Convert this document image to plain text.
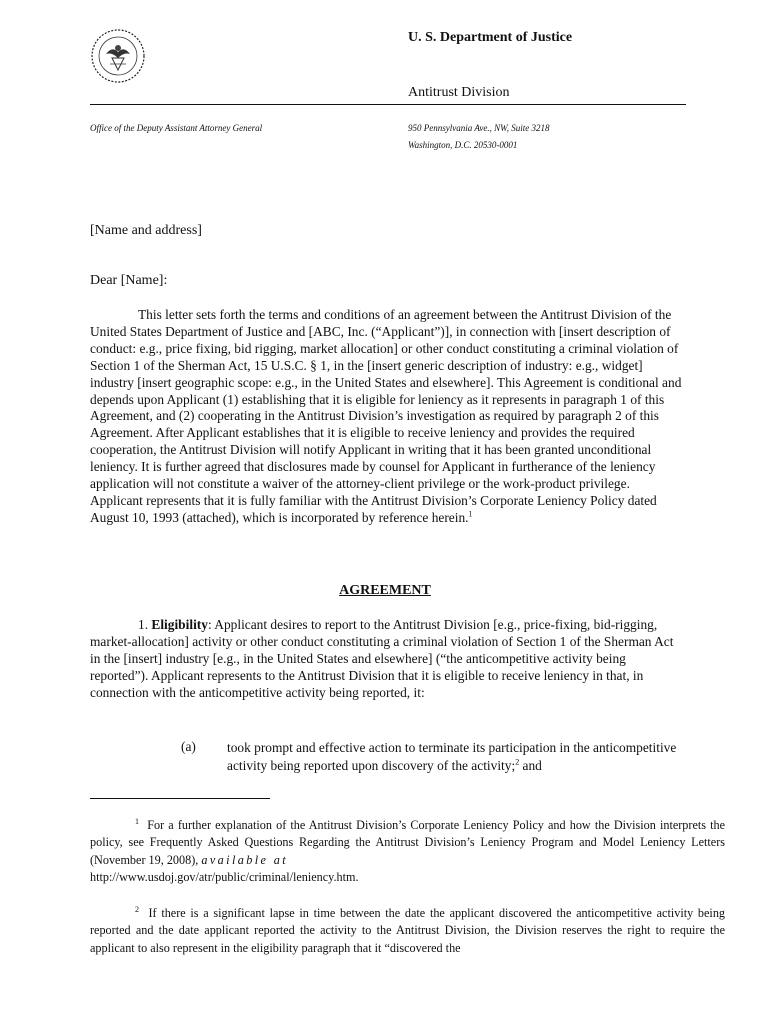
U. S. Department of Justice
Antitrust Division
Office of the Deputy Assistant Attorney General	950 Pennsylvania Ave., NW, Suite 3218
Washington, D.C. 20530-0001
[Name and address]
Dear [Name]:

This letter sets forth the terms and conditions of an agreement between the Antitrust Division of the United States Department of Justice and [ABC, Inc. (“Applicant”)], in connection with [insert description of conduct: e.g., price fixing, bid rigging, market allocation] or other conduct constituting a criminal violation of Section 1 of the Sherman Act, 15 U.S.C. § 1, in the [insert generic description of industry: e.g., widget] industry [insert geographic scope: e.g., in the United States and elsewhere]. This Agreement is conditional and depends upon Applicant (1) establishing that it is eligible for leniency as it represents in paragraph 1 of this Agreement, and (2) cooperating in the Antitrust Division’s investigation as required by paragraph 2 of this Agreement. After Applicant establishes that it is eligible to receive leniency and provides the required cooperation, the Antitrust Division will notify Applicant in writing that it has been granted unconditional leniency. It is further agreed that disclosures made by counsel for Applicant in furtherance of the leniency application will not constitute a waiver of the attorney-client privilege or the work-product privilege. Applicant represents that it is fully familiar with the Antitrust Division’s Corporate Leniency Policy dated August 10, 1993 (attached), which is incorporated by reference herein.$^1$

AGREEMENT

1. Eligibility: Applicant desires to report to the Antitrust Division [e.g., price-fixing, bid-rigging, market-allocation] activity or other conduct constituting a criminal violation of Section 1 of the Sherman Act in the [insert] industry [e.g., in the United States and elsewhere] (“the anticompetitive activity being reported”). Applicant represents to the Antitrust Division that it is eligible to receive leniency in that, in connection with the anticompetitive activity being reported, it:

(a) took prompt and effective action to terminate its participation in the anticompetitive activity being reported upon discovery of the activity;$^2$ and

$^1$ For a further explanation of the Antitrust Division’s Corporate Leniency Policy and how the Division interprets the policy, see Frequently Asked Questions Regarding the Antitrust Division’s Leniency Program and Model Leniency Letters (November 19, 2008), available at
http://www.usdoj.gov/atr/public/criminal/leniency.htm.

$^2$ If there is a significant lapse in time between the date the applicant discovered the anticompetitive activity being reported and the date applicant reported the activity to the Antitrust Division, the Division reserves the right to require the applicant to also represent in the eligibility paragraph that it “discovered the
